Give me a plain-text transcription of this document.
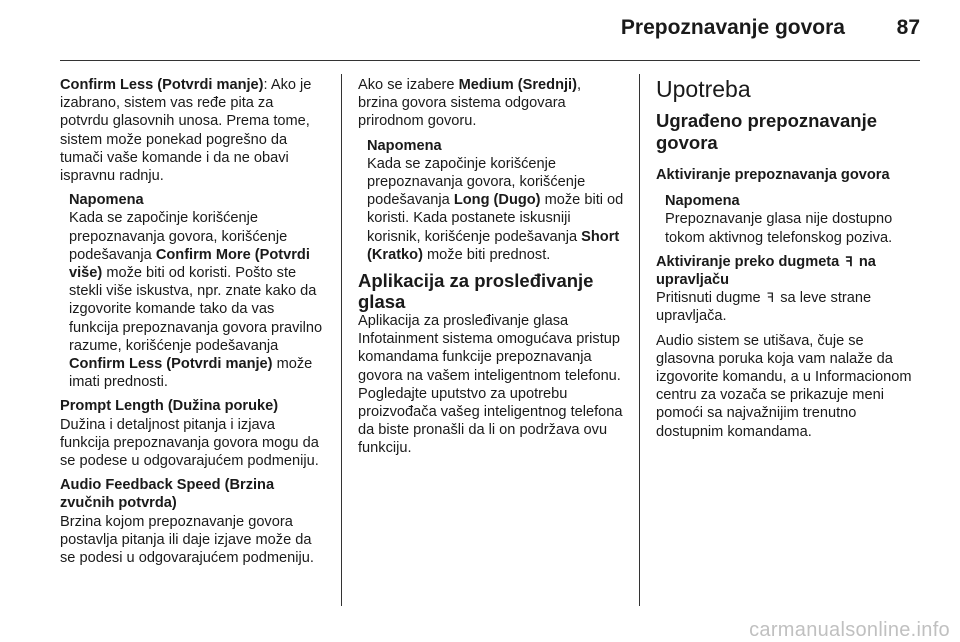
Prepoznavanje govora 87

Confirm Less (Potvrdi manje): Ako je izabrano, sistem vas ređe pita za potvrdu glasovnih unosa. Prema tome, sistem može ponekad pogrešno da tumači vaše komande i da ne obavi ispravnu radnju.

Napomena
Kada se započinje korišćenje prepoznavanja govora, korišćenje podešavanja Confirm More (Potvrdi više) može biti od koristi. Pošto ste stekli više iskustva, npr. znate kako da izgovorite komande tako da vas funkcija prepoznavanja govora pravilno razume, korišćenje podešavanja Confirm Less (Potvrdi manje) može imati prednosti.

Prompt Length (Dužina poruke)

Dužina i detaljnost pitanja i izjava funkcija prepoznavanja govora mogu da se podese u odgovarajućem podmeniju.

Audio Feedback Speed (Brzina zvučnih potvrda)

Brzina kojom prepoznavanje govora postavlja pitanja ili daje izjave može da se podesi u odgovarajućem podmeniju.

Ako se izabere Medium (Srednji), brzina govora sistema odgovara prirodnom govoru.

Napomena
Kada se započinje korišćenje prepoznavanja govora, korišćenje podešavanja Long (Dugo) može biti od koristi. Kada postanete iskusniji korisnik, korišćenje podešavanja Short (Kratko) može biti prednost.
Aplikacija za prosleđivanje glasa

Aplikacija za prosleđivanje glasa Infotainment sistema omogućava pristup komandama funkcije prepoznavanja govora na vašem inteligentnom telefonu. Pogledajte uputstvo za upotrebu proizvođača vašeg inteligentnog telefona da biste pronašli da li on podržava ovu funkciju.

Upotreba
Ugrađeno prepoznavanje govora
Aktiviranje prepoznavanja govora
Napomena
Prepoznavanje glasa nije dostupno tokom aktivnog telefonskog poziva.

Aktiviranje preko dugmeta ꟻ na upravljaču

Pritisnuti dugme ꟻ sa leve strane upravljača.

Audio sistem se utišava, čuje se glasovna poruka koja vam nalaže da izgovorite komandu, a u Informacionom centru za vozača se prikazuje meni pomoći sa najvažnijim trenutno dostupnim komandama.

carmanualsonline.info
